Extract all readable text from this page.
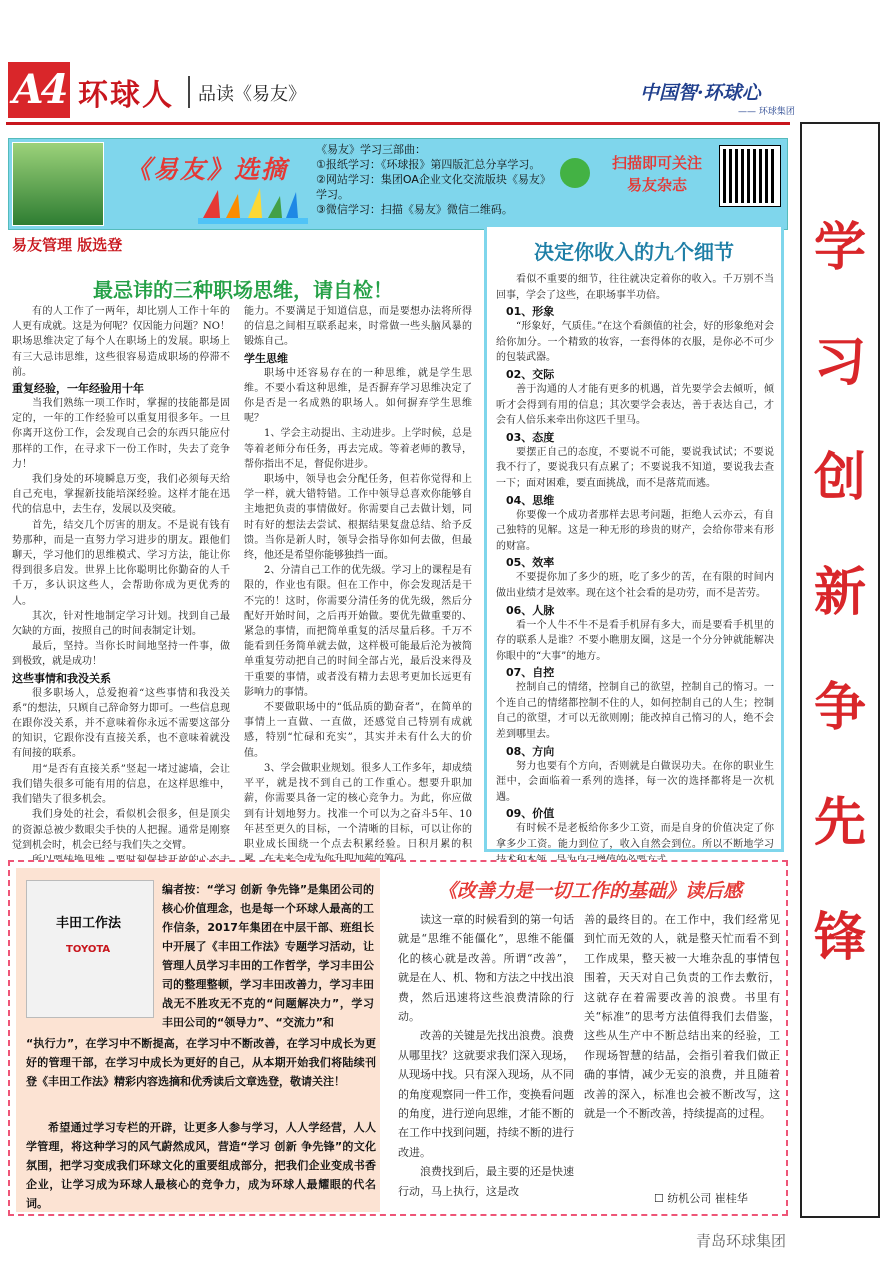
A4 环球人 品读《易友》	中国智·环球心
—— 环球集团
学习创新争先锋
《易友》选摘
《易友》学习三部曲：
①报纸学习：《环球报》第四版汇总分享学习。
②网站学习：集团OA企业文化交流版块《易友》学习。
③微信学习：扫描《易友》微信二维码。
扫描即可关注
易友杂志
易友管理 版选登
最忌讳的三种职场思维，请自检！
有的人工作了一两年，却比别人工作十年的人更有成就。这是为何呢？仅因能力问题？NO！职场思维决定了每个人在职场上的发展。职场上有三大忌讳思维，这些很容易造成职场的停滞不前。
重复经验，一年经验用十年
当我们熟练一项工作时，掌握的技能都是固定的，一年的工作经验可以重复用很多年。一旦你离开这份工作，会发现自己会的东西只能应付那样的工作，在寻求下一份工作时，失去了竞争力！
我们身处的环境瞬息万变，我们必须每天给自己充电，掌握新技能培深经验。这样才能在迅代的信息中，去生存，发展以及突破。
首先，结交几个厉害的朋友。不是说有钱有势那种，而是一直努力学习进步的朋友。跟他们聊天，学习他们的思维模式、学习方法，能让你得到很多启发。世界上比你聪明比你勤奋的人千千万，多认识这些人，会帮助你成为更优秀的人。
其次，针对性地制定学习计划。找到自己最欠缺的方面，按照自己的时间表制定计划。
最后，坚持。当你长时间地坚持一件事，做到极致，就是成功！
这些事情和我没关系
很多职场人，总爱抱着“这些事情和我没关系”的想法，只顾自己辞命努力即可。一些信息现在跟你没关系，并不意味着你永远不需要这部分的知识，它跟你没有直接关系，也不意味着就没有间接的联系。
用“是否有直接关系”竖起一堵过滤墙，会让我们错失很多可能有用的信息，在这样思维中，我们错失了很多机会。
我们身处的社会，看似机会很多，但是顶尖的资源总被少数眼尖手快的人把握。通常是刚察觉到机会时，机会已经与我们失之交臂。
能力。不要满足于知道信息，而是要想办法将所得的信息之间相互联系起来，时常做一些头脑风暴的锻炼自己。
学生思维
职场中还容易存在的一种思维，就是学生思维。不要小看这种思维，是否摒弃学习思维决定了你是否是一名成熟的职场人。如何摒弃学生思维呢？
1、学会主动提出、主动进步。上学时候，总是等着老师分布任务，再去完成。等着老师的教导，帮你指出不足，督促你进步。
职场中，领导也会分配任务，但若你觉得和上学一样，就大错特错。工作中领导总喜欢你能够自主地把负责的事情做好。你需要自己去做计划，同时有好的想法去尝试、根据结果复盘总结、给予反馈。当你是新人时，领导会指导你如何去做，但最终，他还是希望你能够独挡一面。
2、分清自己工作的优先级。学习上的课程是有限的，作业也有限。但在工作中，你会发现活是干不完的！这时，你需要分清任务的优先级，然后分配好开始时间，之后再开始做。要优先做重要的、紧急的事情，而把简单重复的活尽量后移。千万不能看到任务简单就去做，这样极可能最后沦为被简单重复劳动把自己的时间全部占光，最后没来得及干重要的事情，或者没有精力去思考更加长远更有影响力的事情。
不要做职场中的“低品质的勤奋者”，在简单的事情上一直做、一直做，还感觉自己特别有成就感，特别“忙碌和充实”，其实并未有什么大的价值。
3、学会做职业规划。很多人工作多年，却成绩平平，就是找不到自己的工作重心。想要升职加薪，你需要具备一定的核心竞争力。为此，你应做到有计划地努力。找准一个可以为之奋斗5年、10年甚至更久的目标，一个清晰的目标，可以让你的职业成长围绕一个点去积累经验。日积月累的积
决定你收入的九个细节
看似不重要的细节，往往就决定着你的收入。千万别不当回事，学会了这些，在职场事半功倍。
01、形象
“形象好，气质佳。”在这个看颜值的社会，好的形象绝对会给你加分。一个精致的妆容，一套得体的衣服，是你必不可少的包装武器。
02、交际
善于沟通的人才能有更多的机遇，首先要学会去倾听，倾听才会得到有用的信息；其次要学会表达，善于表达自己，才会有人倍乐来牵出你这匹千里马。
03、态度
要摆正自己的态度，不要说不可能，要说我试试；不要说我不行了，要说我只有点累了；不要说我不知道，要说我去查一下；面对困难，要直面挑战，而不是落荒而逃。
04、思维
你要像一个成功者那样去思考问题，拒绝人云亦云，有自己独特的见解。这是一种无形的珍贵的财产，会给你带来有形的财富。
05、效率
不要提你加了多少的班，吃了多少的苦，在有限的时间内做出业绩才是效率。现在这个社会看的是功劳，而不是苦劳。
06、人脉
看一个人牛不牛不是看手机屏有多大，而是要看手机里的存的联系人是谁？不要小瞧朋友圈，这是一个分分钟就能解决你眼中的“大事”的地方。
07、自控
控制自己的情绪，控制自己的欲望，控制自己的惰习。一个连自己的情绪都控制不住的人，如何控制自己的人生；控制自己的欲望，才可以无欲则刚；能改掉自己惰习的人，绝不会差到哪里去。
08、方向
努力也要有个方向，否则就是白做误功夫。在你的职业生涯中，会面临着一系列的选择，每一次的选择都将是一次机遇。
09、价值
有时候不是老板给你多少工资，而是自身的价值决定了你拿多少工资。能力到位了，收入自然会到位。所以不断地学习
丰田工作法
TOYOTA
编者按：“学习 创新 争先锋”是集团公司的核心价值理念，也是每一个环球人最高的工作信条，2017年集团在中层干部、班组长中开展了《丰田工作法》专题学习活动，让管理人员学习丰田的工作哲学，学习丰田公司的整理整顿，学习丰田改善力，学习丰田战无不胜攻无不克的“问题解决力”，学习丰田公司的“领导力”、“交流力”和
“执行力”，在学习中不断提高，在学习中不断改善，在学习中成长为更好的管理干部，在学习中成长为更好的自己，从本期开始我们将陆续刊登《丰田工作法》精彩内容选摘和优秀读后文章选登，敬请关注！
希望通过学习专栏的开辟，让更多人参与学习，人人学经营，人人学管理，将这种学习的风气蔚然成风，营造“学习 创新 争先锋”的文化氛围，把学习变成我们环球文化的重要组成部分，把我们企业变成书香企业，让学习成为环球人最核心的竞争力，成为环球人最耀眼的代名词。
《改善力是一切工作的基础》读后感
读这一章的时候看到的第一句话就是“思维不能僵化”，思维不能僵化的核心就是改善。所谓“改善”，就是在人、机、物和方法之中找出浪费，然后迅速将这些浪费清除的行动。
改善的关键是先找出浪费。浪费从哪里找？这就要求我们深入现场，从现场中找。只有深入现场，从不同的角度观察同一件工作，变换看问题的角度，进行逆向思维，才能不断的在工作中找到问题，持续不断的进行改进。
浪费找到后，最主要的还是快速行动，马上执行，这是改
善的最终目的。在工作中，我们经常见到忙而无效的人，就是整天忙而看不到工作成果，整天被一大堆杂乱的事情包围着，天天对自己负责的工作去敷衍，这就存在着需要改善的浪费。书里有关“标准”的思考方法值得我们去借鉴，这些从生产中不断总结出来的经验，工作现场智慧的结晶，会指引着我们做正确的事情，减少无妄的浪费，并且随着改善的深入，标准也会被不断改写，这就是一个不断改善，持续提高的过程。
☐ 纺机公司 崔桂华
青岛环球集团
